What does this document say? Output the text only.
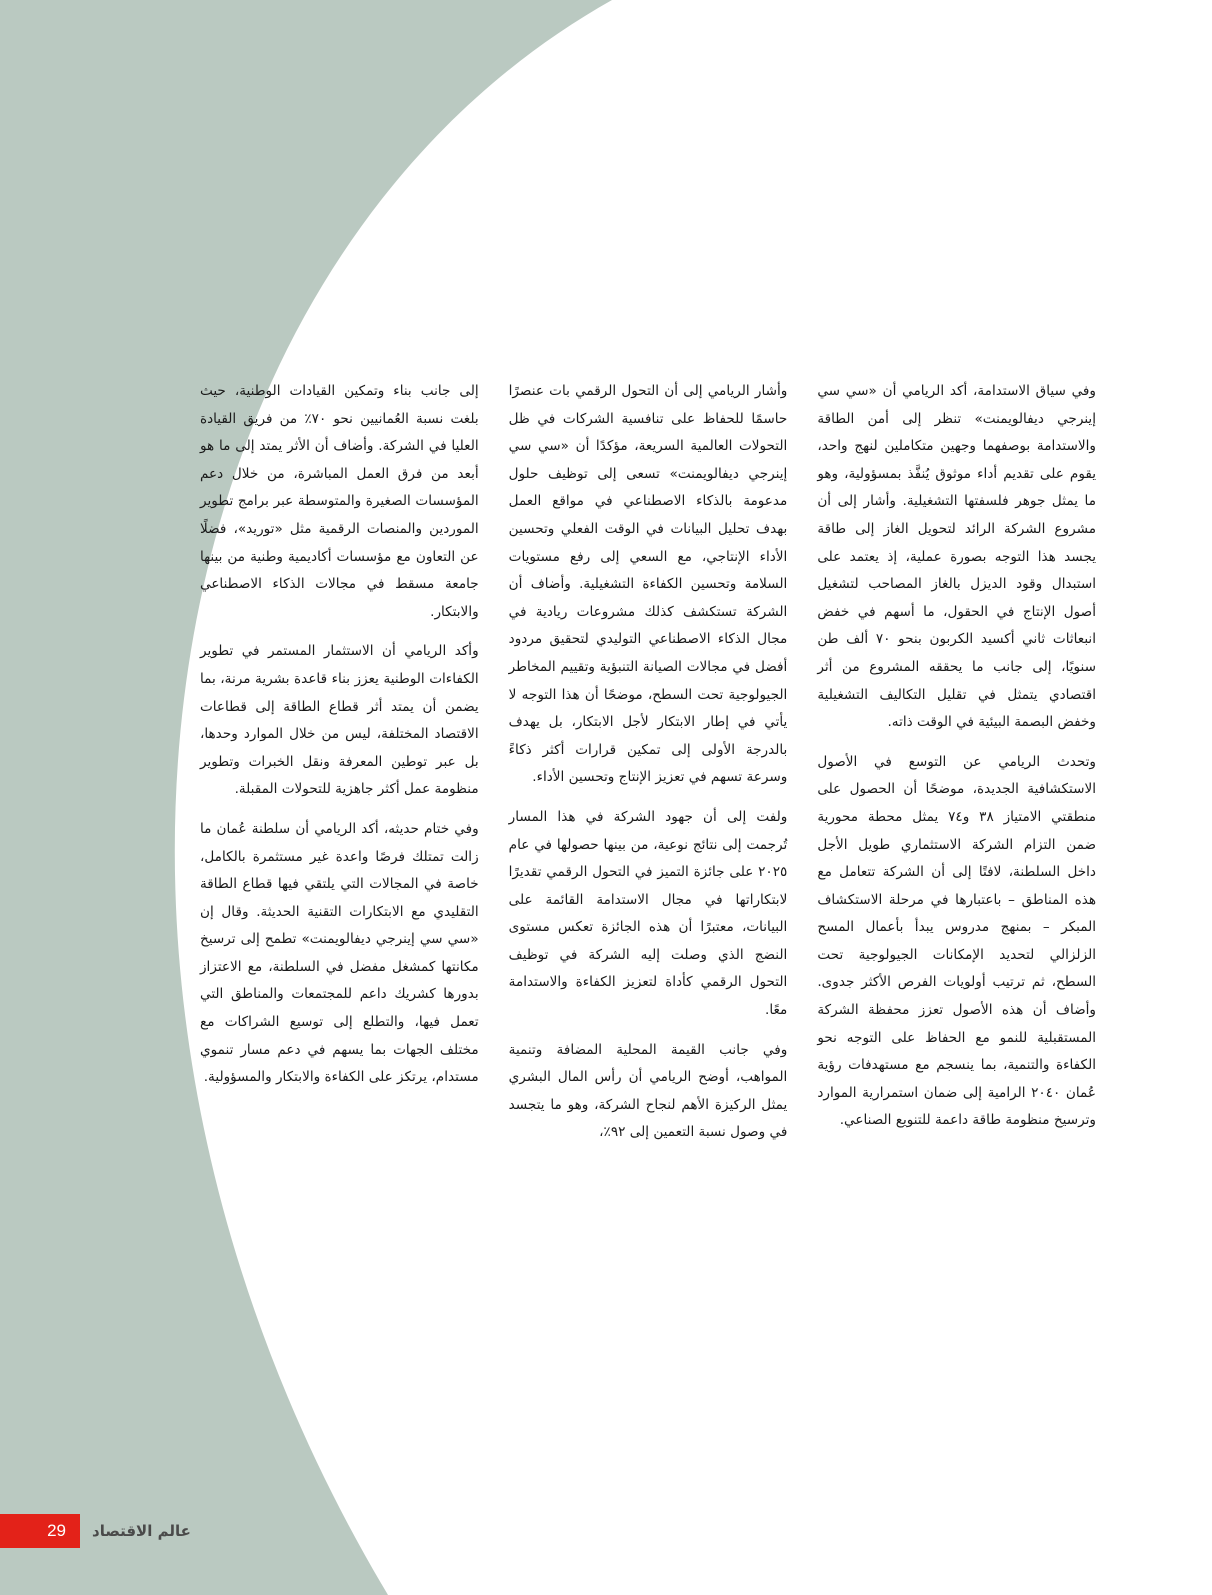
وفي سياق الاستدامة، أكد الريامي أن «سي سي إينرجي ديفالويمنت» تنظر إلى أمن الطاقة والاستدامة بوصفهما وجهين متكاملين لنهج واحد، يقوم على تقديم أداء موثوق يُنفَّذ بمسؤولية، وهو ما يمثل جوهر فلسفتها التشغيلية. وأشار إلى أن مشروع الشركة الرائد لتحويل الغاز إلى طاقة يجسد هذا التوجه بصورة عملية، إذ يعتمد على استبدال وقود الديزل بالغاز المصاحب لتشغيل أصول الإنتاج في الحقول، ما أسهم في خفض انبعاثات ثاني أكسيد الكربون بنحو ٧٠ ألف طن سنويًا، إلى جانب ما يحققه المشروع من أثر اقتصادي يتمثل في تقليل التكاليف التشغيلية وخفض البصمة البيئية في الوقت ذاته.

وتحدث الريامي عن التوسع في الأصول الاستكشافية الجديدة، موضحًا أن الحصول على منطقتي الامتياز ٣٨ و٧٤ يمثل محطة محورية ضمن التزام الشركة الاستثماري طويل الأجل داخل السلطنة، لافتًا إلى أن الشركة تتعامل مع هذه المناطق – باعتبارها في مرحلة الاستكشاف المبكر – بمنهج مدروس يبدأ بأعمال المسح الزلزالي لتحديد الإمكانات الجيولوجية تحت السطح، ثم ترتيب أولويات الفرص الأكثر جدوى. وأضاف أن هذه الأصول تعزز محفظة الشركة المستقبلية للنمو مع الحفاظ على التوجه نحو الكفاءة والتنمية، بما ينسجم مع مستهدفات رؤية عُمان ٢٠٤٠ الرامية إلى ضمان استمرارية الموارد وترسيخ منظومة طاقة داعمة للتنويع الصناعي.

وأشار الريامي إلى أن التحول الرقمي بات عنصرًا حاسمًا للحفاظ على تنافسية الشركات في ظل التحولات العالمية السريعة، مؤكدًا أن «سي سي إينرجي ديفالويمنت» تسعى إلى توظيف حلول مدعومة بالذكاء الاصطناعي في مواقع العمل بهدف تحليل البيانات في الوقت الفعلي وتحسين الأداء الإنتاجي، مع السعي إلى رفع مستويات السلامة وتحسين الكفاءة التشغيلية. وأضاف أن الشركة تستكشف كذلك مشروعات ريادية في مجال الذكاء الاصطناعي التوليدي لتحقيق مردود أفضل في مجالات الصيانة التنبؤية وتقييم المخاطر الجيولوجية تحت السطح، موضحًا أن هذا التوجه لا يأتي في إطار الابتكار لأجل الابتكار، بل يهدف بالدرجة الأولى إلى تمكين قرارات أكثر ذكاءً وسرعة تسهم في تعزيز الإنتاج وتحسين الأداء.

ولفت إلى أن جهود الشركة في هذا المسار تُرجمت إلى نتائج نوعية، من بينها حصولها في عام ٢٠٢٥ على جائزة التميز في التحول الرقمي تقديرًا لابتكاراتها في مجال الاستدامة القائمة على البيانات، معتبرًا أن هذه الجائزة تعكس مستوى النضج الذي وصلت إليه الشركة في توظيف التحول الرقمي كأداة لتعزيز الكفاءة والاستدامة معًا.

وفي جانب القيمة المحلية المضافة وتنمية المواهب، أوضح الريامي أن رأس المال البشري يمثل الركيزة الأهم لنجاح الشركة، وهو ما يتجسد في وصول نسبة التعمين إلى ٩٢٪،

إلى جانب بناء وتمكين القيادات الوطنية، حيث بلغت نسبة العُمانيين نحو ٧٠٪ من فريق القيادة العليا في الشركة. وأضاف أن الأثر يمتد إلى ما هو أبعد من فرق العمل المباشرة، من خلال دعم المؤسسات الصغيرة والمتوسطة عبر برامج تطوير الموردين والمنصات الرقمية مثل «توريد»، فضلًا عن التعاون مع مؤسسات أكاديمية وطنية من بينها جامعة مسقط في مجالات الذكاء الاصطناعي والابتكار.

وأكد الريامي أن الاستثمار المستمر في تطوير الكفاءات الوطنية يعزز بناء قاعدة بشرية مرنة، بما يضمن أن يمتد أثر قطاع الطاقة إلى قطاعات الاقتصاد المختلفة، ليس من خلال الموارد وحدها، بل عبر توطين المعرفة ونقل الخبرات وتطوير منظومة عمل أكثر جاهزية للتحولات المقبلة.

وفي ختام حديثه، أكد الريامي أن سلطنة عُمان ما زالت تمتلك فرصًا واعدة غير مستثمرة بالكامل، خاصة في المجالات التي يلتقي فيها قطاع الطاقة التقليدي مع الابتكارات التقنية الحديثة. وقال إن «سي سي إينرجي ديفالويمنت» تطمح إلى ترسيخ مكانتها كمشغل مفضل في السلطنة، مع الاعتزاز بدورها كشريك داعم للمجتمعات والمناطق التي تعمل فيها، والتطلع إلى توسيع الشراكات مع مختلف الجهات بما يسهم في دعم مسار تنموي مستدام، يرتكز على الكفاءة والابتكار والمسؤولية.

29	عالم الاقتصاد
